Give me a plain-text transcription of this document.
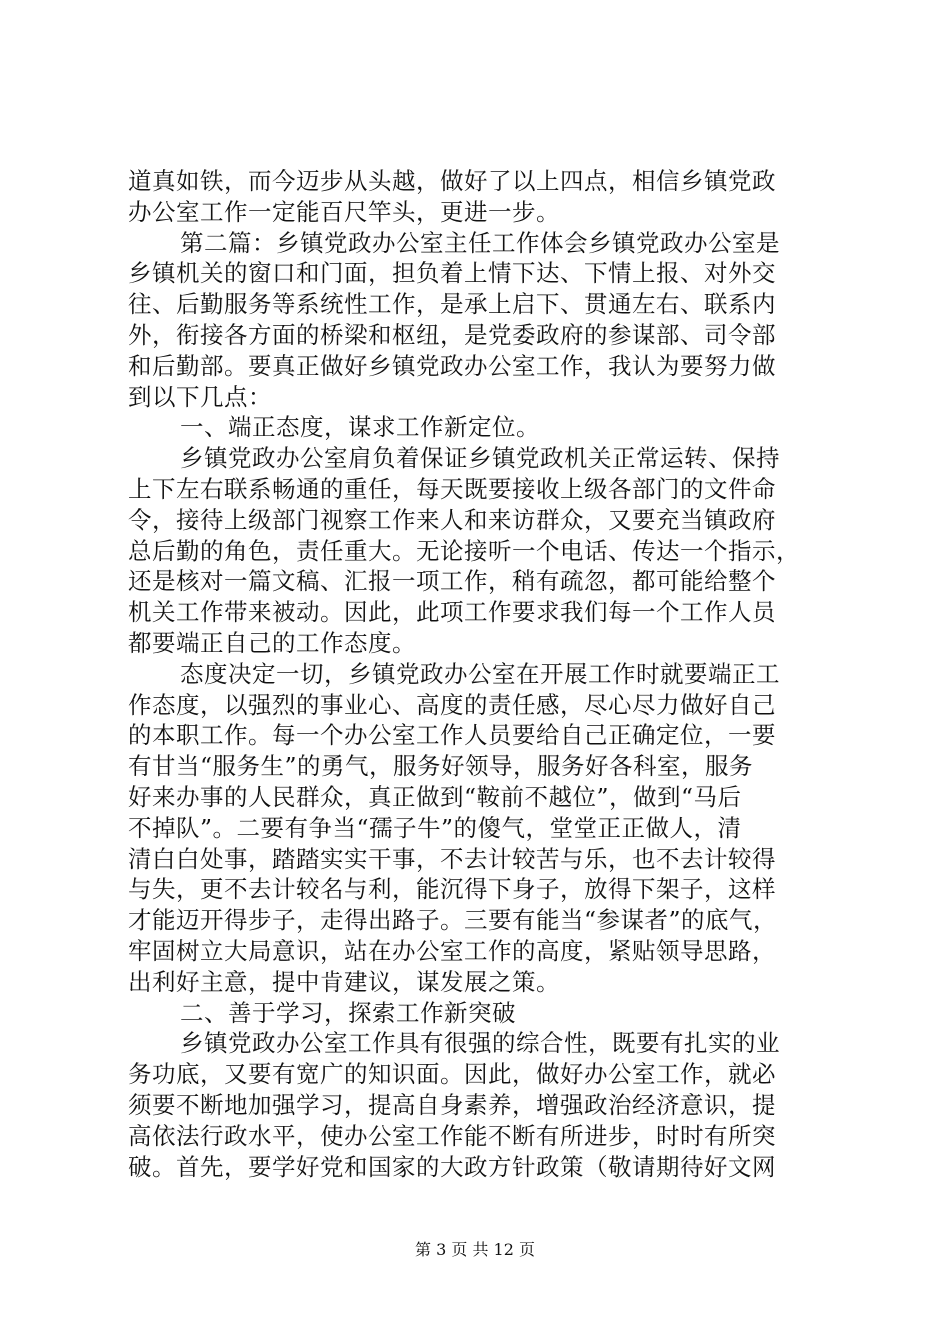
道真如铁，而今迈步从头越，做好了以上四点，相信乡镇党政
办公室工作一定能百尺竿头，更进一步。
第二篇：乡镇党政办公室主任工作体会乡镇党政办公室是
乡镇机关的窗口和门面，担负着上情下达、下情上报、对外交
往、后勤服务等系统性工作，是承上启下、贯通左右、联系内
外，衔接各方面的桥梁和枢纽，是党委政府的参谋部、司令部
和后勤部。要真正做好乡镇党政办公室工作，我认为要努力做
到以下几点：
一、端正态度，谋求工作新定位。
乡镇党政办公室肩负着保证乡镇党政机关正常运转、保持
上下左右联系畅通的重任，每天既要接收上级各部门的文件命
令，接待上级部门视察工作来人和来访群众，又要充当镇政府
总后勤的角色，责任重大。无论接听一个电话、传达一个指示，
还是核对一篇文稿、汇报一项工作，稍有疏忽，都可能给整个
机关工作带来被动。因此，此项工作要求我们每一个工作人员
都要端正自己的工作态度。
态度决定一切，乡镇党政办公室在开展工作时就要端正工
作态度，以强烈的事业心、高度的责任感，尽心尽力做好自己
的本职工作。每一个办公室工作人员要给自己正确定位，一要
有甘当“服务生”的勇气，服务好领导，服务好各科室，服务
好来办事的人民群众，真正做到“鞍前不越位”，做到“马后
不掉队”。二要有争当“孺子牛”的傻气，堂堂正正做人，清
清白白处事，踏踏实实干事，不去计较苦与乐，也不去计较得
与失，更不去计较名与利，能沉得下身子，放得下架子，这样
才能迈开得步子，走得出路子。三要有能当“参谋者”的底气，
牢固树立大局意识，站在办公室工作的高度，紧贴领导思路，
出利好主意，提中肯建议，谋发展之策。
二、善于学习，探索工作新突破
乡镇党政办公室工作具有很强的综合性，既要有扎实的业
务功底，又要有宽广的知识面。因此，做好办公室工作，就必
须要不断地加强学习，提高自身素养，增强政治经济意识，提
高依法行政水平，使办公室工作能不断有所进步，时时有所突
破。首先，要学好党和国家的大政方针政策（敬请期待好文网
第 3 页 共 12 页
